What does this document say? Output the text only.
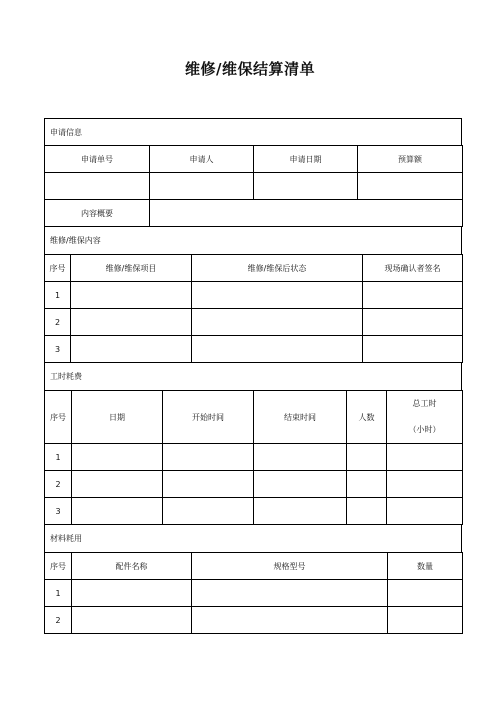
维修/维保结算清单
申请信息
申请单号	申请人	申请日期	预算额

内容概要			
维修/维保内容
序号	维修/维保项目	维修/维保后状态	现场确认者签名
1			
2			
3			
工时耗费
序号	日期	开始时间	结束时间	人数	总工时
（小时）

1					
2					
3					
材料耗用
序号	配件名称	规格型号	数量
1			
2			
